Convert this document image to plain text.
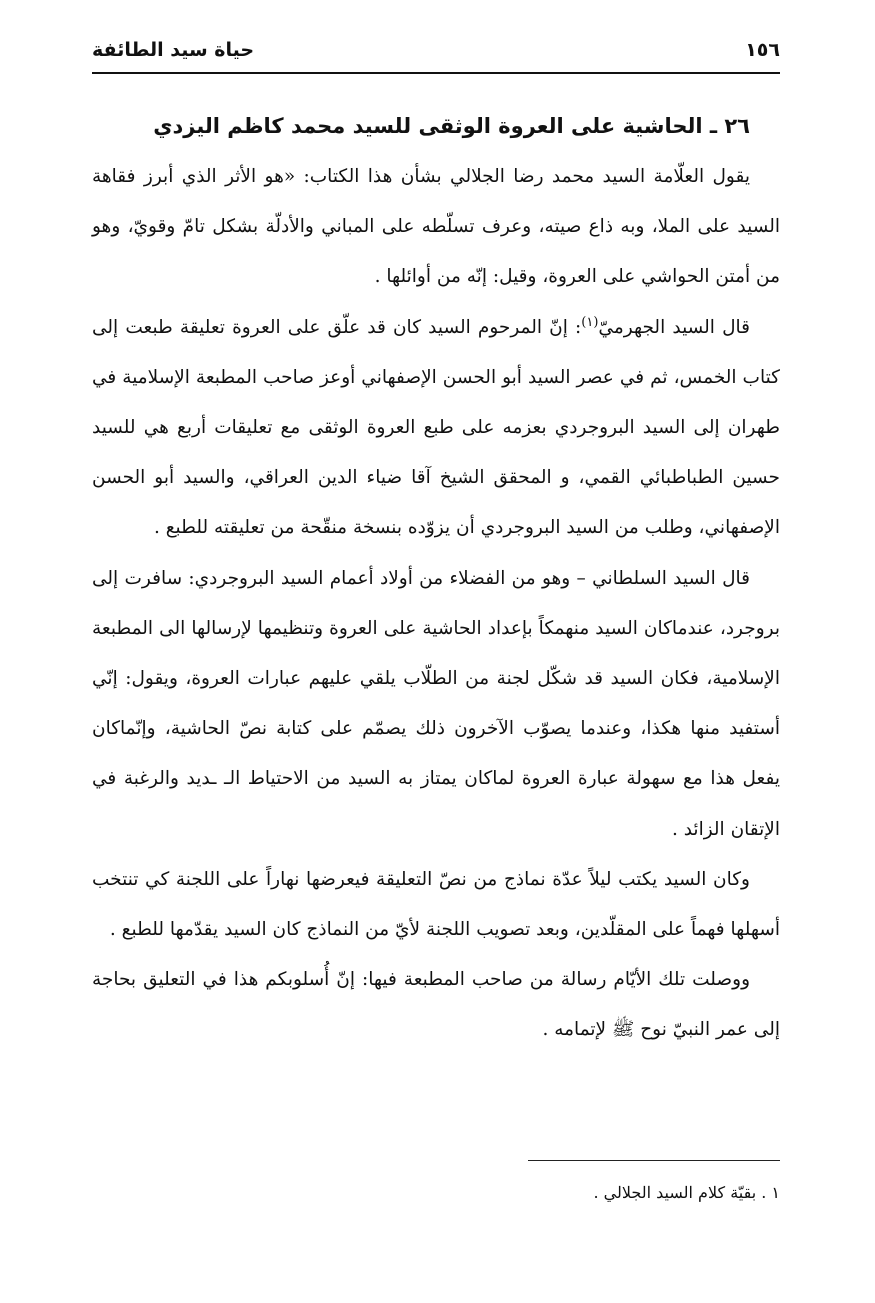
١٥٦
حياة سيد الطائفة
٢٦ ـ الحاشية على العروة الوثقى للسيد محمد كاظم اليزدي

يقول العلّامة السيد محمد رضا الجلالي بشأن هذا الكتاب: «هو الأثر الذي أبرز فقاهة السيد على الملا، وبه ذاع صيته، وعرف تسلّطه على المباني والأدلّة بشكل تامّ وقويّ، وهو من أمتن الحواشي على العروة، وقيل: إنّه من أوائلها .

قال السيد الجهرميّ$^{(١)}$: إنّ المرحوم السيد كان قد علّق على العروة تعليقة طبعت إلى كتاب الخمس، ثم في عصر السيد أبو الحسن الإصفهاني أوعز صاحب المطبعة الإسلامية في طهران إلى السيد البروجردي بعزمه على طبع العروة الوثقى مع تعليقات أربع هي للسيد حسين الطباطبائي القمي، و المحقق الشيخ آقا ضياء الدين العراقي، والسيد أبو الحسن الإصفهاني، وطلب من السيد البروجردي أن يزوّده بنسخة منقّحة من تعليقته للطبع .

قال السيد السلطاني – وهو من الفضلاء من أولاد أعمام السيد البروجردي: سافرت إلى بروجرد، عندماكان السيد منهمكاً بإعداد الحاشية على العروة وتنظيمها لإرسالها الى المطبعة الإسلامية، فكان السيد قد شكّل لجنة من الطلّاب يلقي عليهم عبارات العروة، ويقول: إنّي أستفيد منها هكذا، وعندما يصوّب الآخرون ذلك يصمّم على كتابة نصّ الحاشية، وإنّماكان يفعل هذا مع سهولة عبارة العروة لماكان يمتاز به السيد من الاحتياط الـ ـديد والرغبة في الإتقان الزائد .

وكان السيد يكتب ليلاً عدّة نماذج من نصّ التعليقة فيعرضها نهاراً على اللجنة كي تنتخب أسهلها فهماً على المقلّدين، وبعد تصويب اللجنة لأيّ من النماذج كان السيد يقدّمها للطبع .

ووصلت تلك الأيّام رسالة من صاحب المطبعة فيها: إنّ أُسلوبكم هذا في التعليق بحاجة إلى عمر النبيّ نوح ﷺ لإتمامه .

١ . بقيّة كلام السيد الجلالي .
